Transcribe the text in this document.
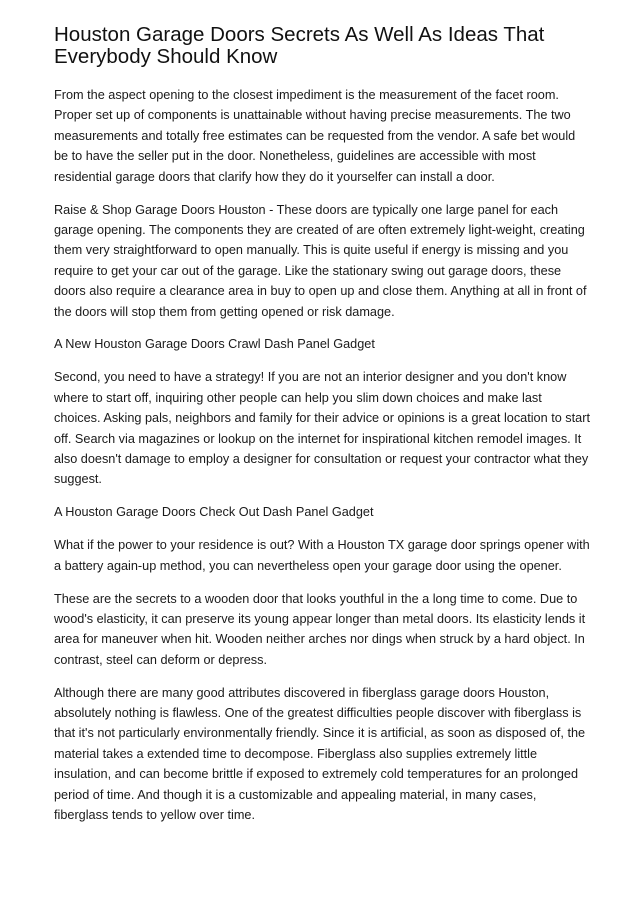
Houston Garage Doors Secrets As Well As Ideas That Everybody Should Know

From the aspect opening to the closest impediment is the measurement of the facet room. Proper set up of components is unattainable without having precise measurements. The two measurements and totally free estimates can be requested from the vendor. A safe bet would be to have the seller put in the door. Nonetheless, guidelines are accessible with most residential garage doors that clarify how they do it yourselfer can install a door.

Raise & Shop Garage Doors Houston - These doors are typically one large panel for each garage opening. The components they are created of are often extremely light-weight, creating them very straightforward to open manually. This is quite useful if energy is missing and you require to get your car out of the garage. Like the stationary swing out garage doors, these doors also require a clearance area in buy to open up and close them. Anything at all in front of the doors will stop them from getting opened or risk damage.

A New Houston Garage Doors Crawl Dash Panel Gadget

Second, you need to have a strategy! If you are not an interior designer and you don't know where to start off, inquiring other people can help you slim down choices and make last choices. Asking pals, neighbors and family for their advice or opinions is a great location to start off. Search via magazines or lookup on the internet for inspirational kitchen remodel images. It also doesn't damage to employ a designer for consultation or request your contractor what they suggest.

A Houston Garage Doors Check Out Dash Panel Gadget

What if the power to your residence is out? With a Houston TX garage door springs opener with a battery again-up method, you can nevertheless open your garage door using the opener.

These are the secrets to a wooden door that looks youthful in the a long time to come. Due to wood's elasticity, it can preserve its young appear longer than metal doors. Its elasticity lends it area for maneuver when hit. Wooden neither arches nor dings when struck by a hard object. In contrast, steel can deform or depress.

Although there are many good attributes discovered in fiberglass garage doors Houston, absolutely nothing is flawless. One of the greatest difficulties people discover with fiberglass is that it's not particularly environmentally friendly. Since it is artificial, as soon as disposed of, the material takes a extended time to decompose. Fiberglass also supplies extremely little insulation, and can become brittle if exposed to extremely cold temperatures for an prolonged period of time. And though it is a customizable and appealing material, in many cases, fiberglass tends to yellow over time.
